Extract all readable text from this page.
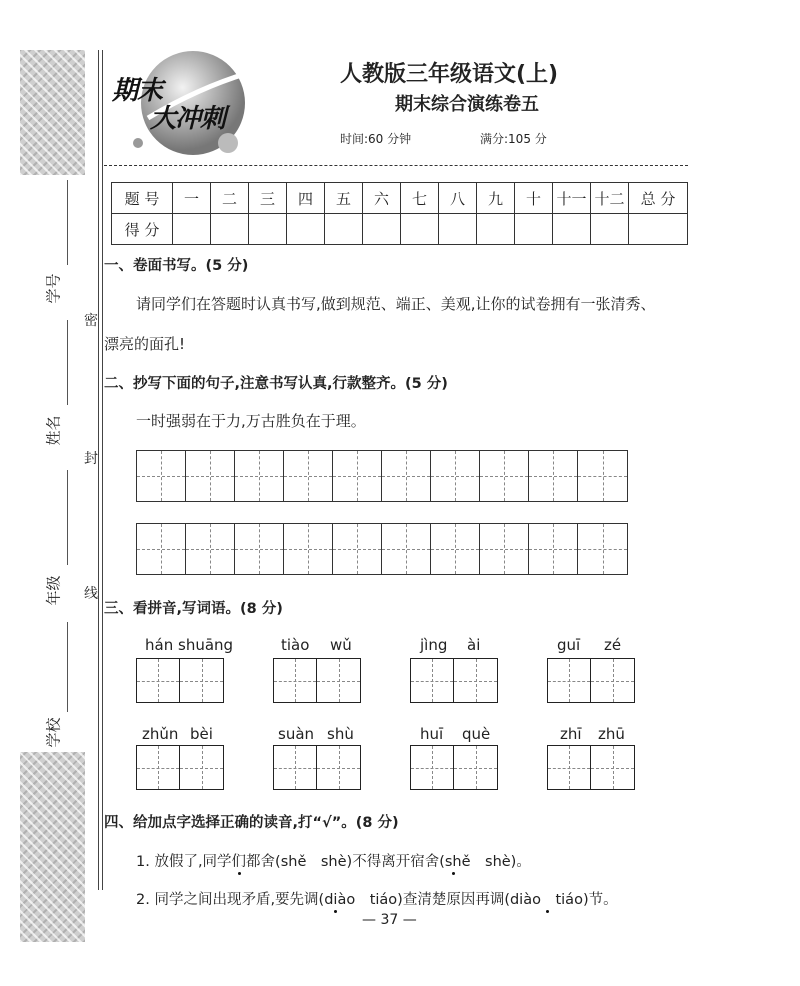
学号
姓名
年级
学校
密
封
线
期末
大冲刺
人教版三年级语文(上)
期末综合演练卷五
时间:60 分钟	满分:105 分
题 号	一	二	三	四	五	六	七	八	九	十	十一	十二	总 分
得 分													
一、卷面书写。(5 分)
请同学们在答题时认真书写,做到规范、端正、美观,让你的试卷拥有一张清秀、
漂亮的面孔!
二、抄写下面的句子,注意书写认真,行款整齐。(5 分)
一时强弱在于力,万古胜负在于理。
三、看拼音,写词语。(8 分)
hán shuāng	tiào wǔ	jìng ài	guī zé
zhǔn bèi	suàn shù	huī què	zhī zhū
四、给加点字选择正确的读音,打“√”。(8 分)
1. 放假了,同学们都舍(shě　shè)不得离开宿舍(shě　shè)。
2. 同学之间出现矛盾,要先调(diào　tiáo)查清楚原因再调(diào　tiáo)节。
— 37 —
